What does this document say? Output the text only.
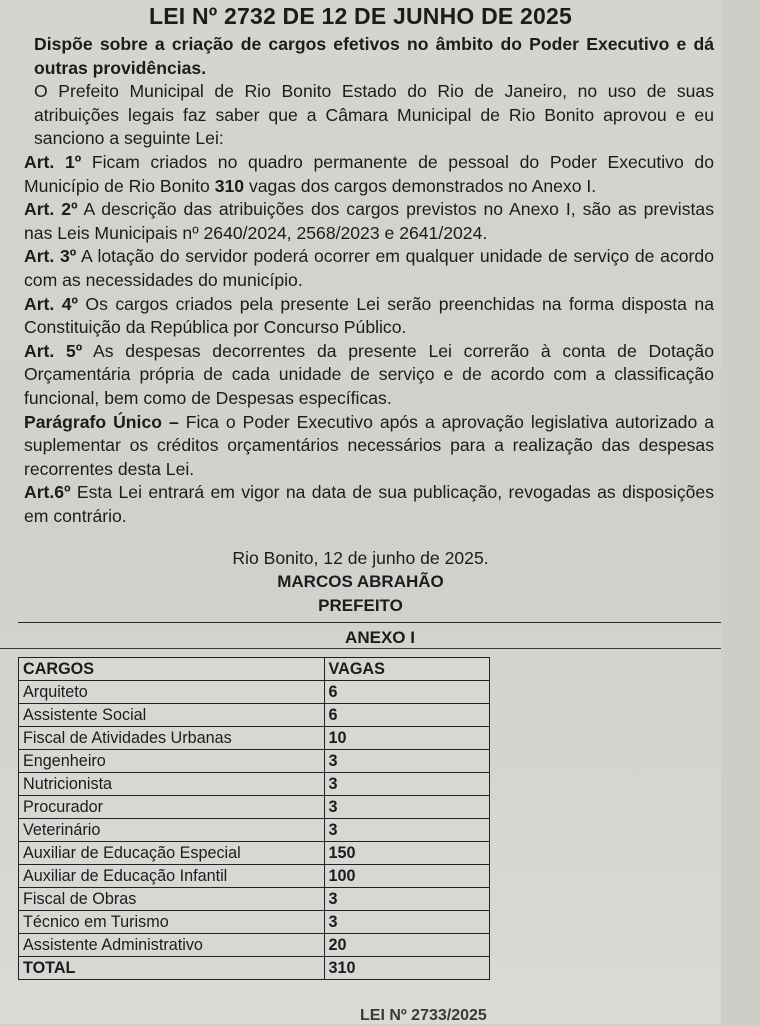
LEI Nº 2732 DE 12 DE JUNHO DE 2025

Dispõe sobre a criação de cargos efetivos no âmbito do Poder Executivo e dá outras providências.

O Prefeito Municipal de Rio Bonito Estado do Rio de Janeiro, no uso de suas atribuições legais faz saber que a Câmara Municipal de Rio Bonito aprovou e eu sanciono a seguinte Lei:

Art. 1º Ficam criados no quadro permanente de pessoal do Poder Executivo do Município de Rio Bonito 310 vagas dos cargos demonstrados no Anexo I.

Art. 2º A descrição das atribuições dos cargos previstos no Anexo I, são as previstas nas Leis Municipais nº 2640/2024, 2568/2023 e 2641/2024.

Art. 3º A lotação do servidor poderá ocorrer em qualquer unidade de serviço de acordo com as necessidades do município.

Art. 4º Os cargos criados pela presente Lei serão preenchidas na forma disposta na Constituição da República por Concurso Público.

Art. 5º As despesas decorrentes da presente Lei correrão à conta de Dotação Orçamentária própria de cada unidade de serviço e de acordo com a classificação funcional, bem como de Despesas específicas.

Parágrafo Único – Fica o Poder Executivo após a aprovação legislativa autorizado a suplementar os créditos orçamentários necessários para a realização das despesas recorrentes desta Lei.

Art.6º Esta Lei entrará em vigor na data de sua publicação, revogadas as disposições em contrário.

Rio Bonito, 12 de junho de 2025.
MARCOS ABRAHÃO
PREFEITO
ANEXO I
CARGOS	VAGAS
Arquiteto	6
Assistente Social	6
Fiscal de Atividades Urbanas	10
Engenheiro	3
Nutricionista	3
Procurador	3
Veterinário	3
Auxiliar de Educação Especial	150
Auxiliar de Educação Infantil	100
Fiscal de Obras	3
Técnico em Turismo	3
Assistente Administrativo	20
TOTAL	310
LEI Nº 2733/2025
